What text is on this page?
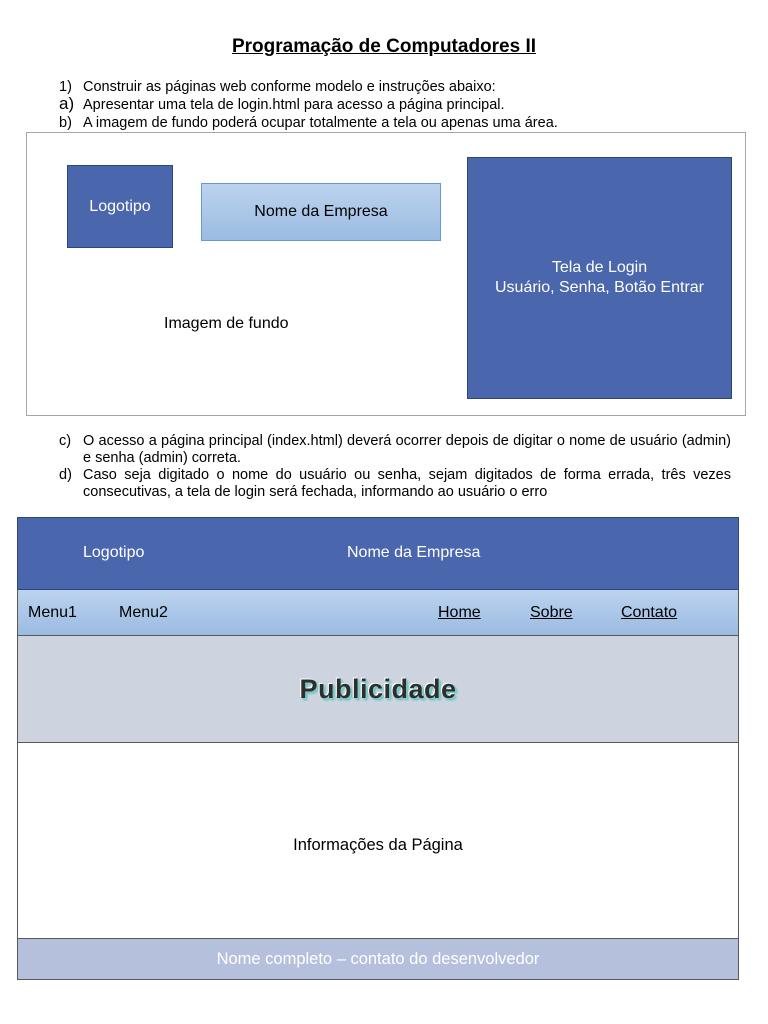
Programação de Computadores II
1) Construir as páginas web conforme modelo e instruções abaixo:
a) Apresentar uma tela de login.html para acesso a página principal.
b) A imagem de fundo poderá ocupar totalmente a tela ou apenas uma área.
Logotipo	Nome da Empresa
Tela de Login
Usuário, Senha, Botão Entrar
Imagem de fundo
c) O acesso a página principal (index.html) deverá ocorrer depois de digitar o nome de usuário (admin) e senha (admin) correta.
d) Caso seja digitado o nome do usuário ou senha, sejam digitados de forma errada, três vezes consecutivas, a tela de login será fechada, informando ao usuário o erro
Logotipo	Nome da Empresa
Menu1	Menu2	Home	Sobre	Contato
Publicidade
Informações da Página
Nome completo – contato do desenvolvedor
